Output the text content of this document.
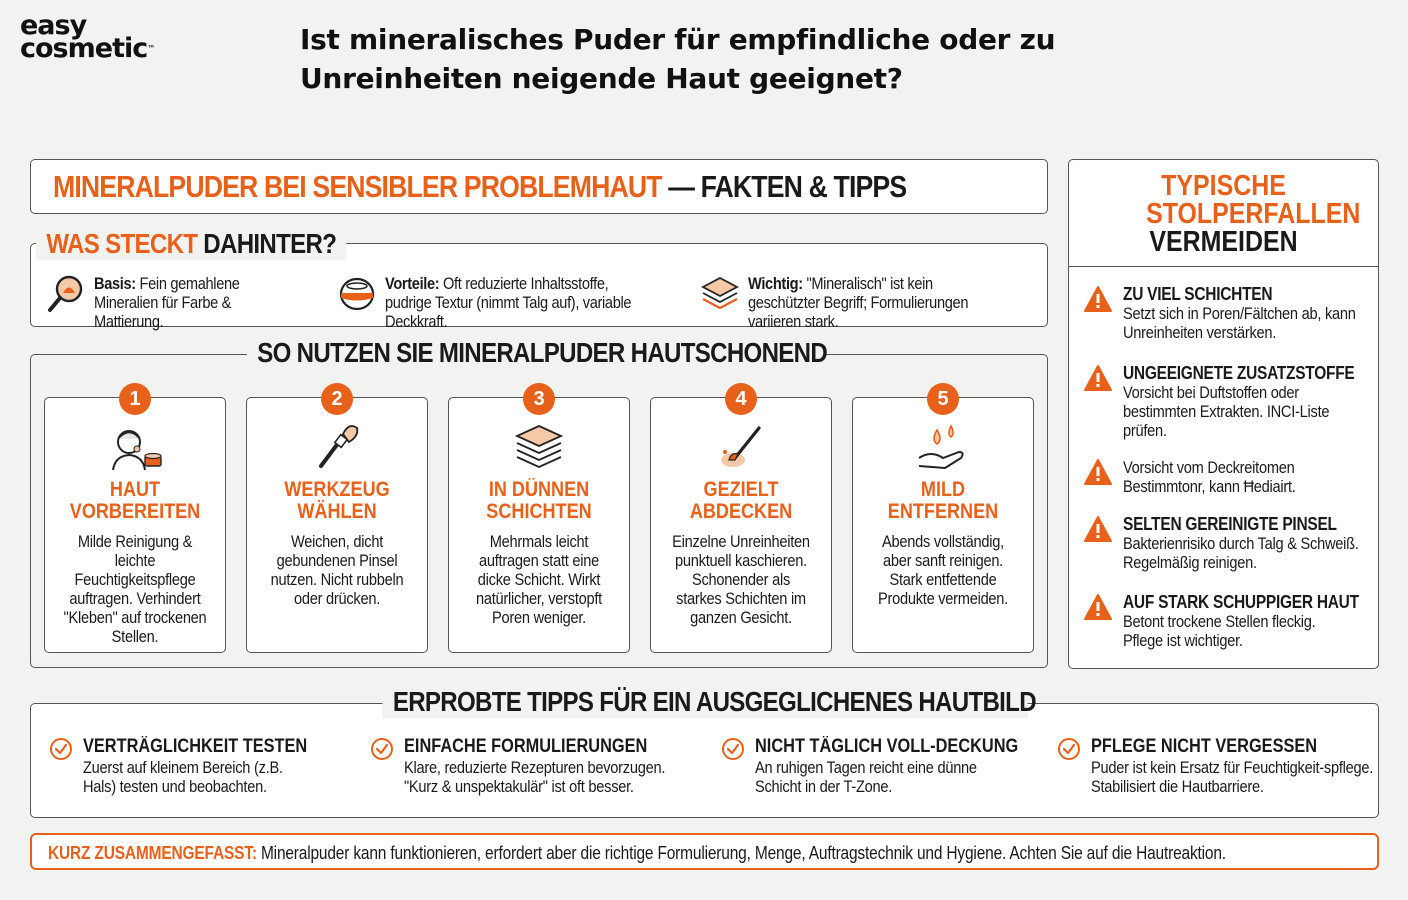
easy
cosmetic™	Ist mineralisches Puder für empfindliche oder zu Unreinheiten neigende Haut geeignet?
MINERALPUDER BEI SENSIBLER PROBLEMHAUT — FAKTEN & TIPPS
WAS STECKT DAHINTER?
Basis: Fein gemahlene Mineralien für Farbe & Mattierung.
Vorteile: Oft reduzierte Inhaltsstoffe, pudrige Textur (nimmt Talg auf), variable Deckkraft.
Wichtig: "Mineralisch" ist kein geschützter Begriff; Formulierungen variieren stark.
SO NUTZEN SIE MINERALPUDER HAUTSCHONEND
1
HAUT VORBEREITEN
Milde Reinigung & leichte Feuchtigkeitspflege auftragen. Verhindert "Kleben" auf trockenen Stellen.
2
WERKZEUG WÄHLEN
Weichen, dicht gebundenen Pinsel nutzen. Nicht rubbeln oder drücken.
3
IN DÜNNEN SCHICHTEN
Mehrmals leicht auftragen statt eine dicke Schicht. Wirkt natürlicher, verstopft Poren weniger.
4
GEZIELT ABDECKEN
Einzelne Unreinheiten punktuell kaschieren. Schonender als starkes Schichten im ganzen Gesicht.
5
MILD ENTFERNEN
Abends vollständig, aber sanft reinigen. Stark entfettende Produkte vermeiden.
TYPISCHE STOLPERFALLEN
VERMEIDEN
ZU VIEL SCHICHTEN
Setzt sich in Poren/Fältchen ab, kann Unreinheiten verstärken.
UNGEEIGNETE ZUSATZSTOFFE
Vorsicht bei Duftstoffen oder bestimmten Extrakten. INCI-Liste prüfen.
Vorsicht vom Deckrеіtomen Bestimmtonr, kann Ħediaіrt.
SELTEN GEREINIGTE PINSEL
Bakterienrisiko durch Talg & Schweiß. Regelmäßig reinigen.
AUF STARK SCHUPPIGER HAUT
Betont trockene Stellen fleckig. Pflege ist wichtiger.
ERPROBTE TIPPS FÜR EIN AUSGEGLICHENES HAUTBILD
VERTRÄGLICHKEIT TESTEN
Zuerst auf kleinem Bereich (z.B. Hals) testen und beobachten.
EINFACHE FORMULIERUNGEN
Klare, reduzierte Rezepturen bevorzugen. "Kurz & unspektakulär" ist oft besser.
NICHT TÄGLICH VOLL-DECKUNG
An ruhigen Tagen reicht eine dünne Schicht in der T-Zone.
PFLEGE NICHT VERGESSEN
Puder ist kein Ersatz für Feuchtigkeit-spflege. Stabilisiert die Hautbarriere.
KURZ ZUSAMMENGEFASST: Mineralpuder kann funktionieren, erfordert aber die richtige Formulierung, Menge, Auftragstechnik und Hygiene. Achten Sie auf die Hautreaktion.
